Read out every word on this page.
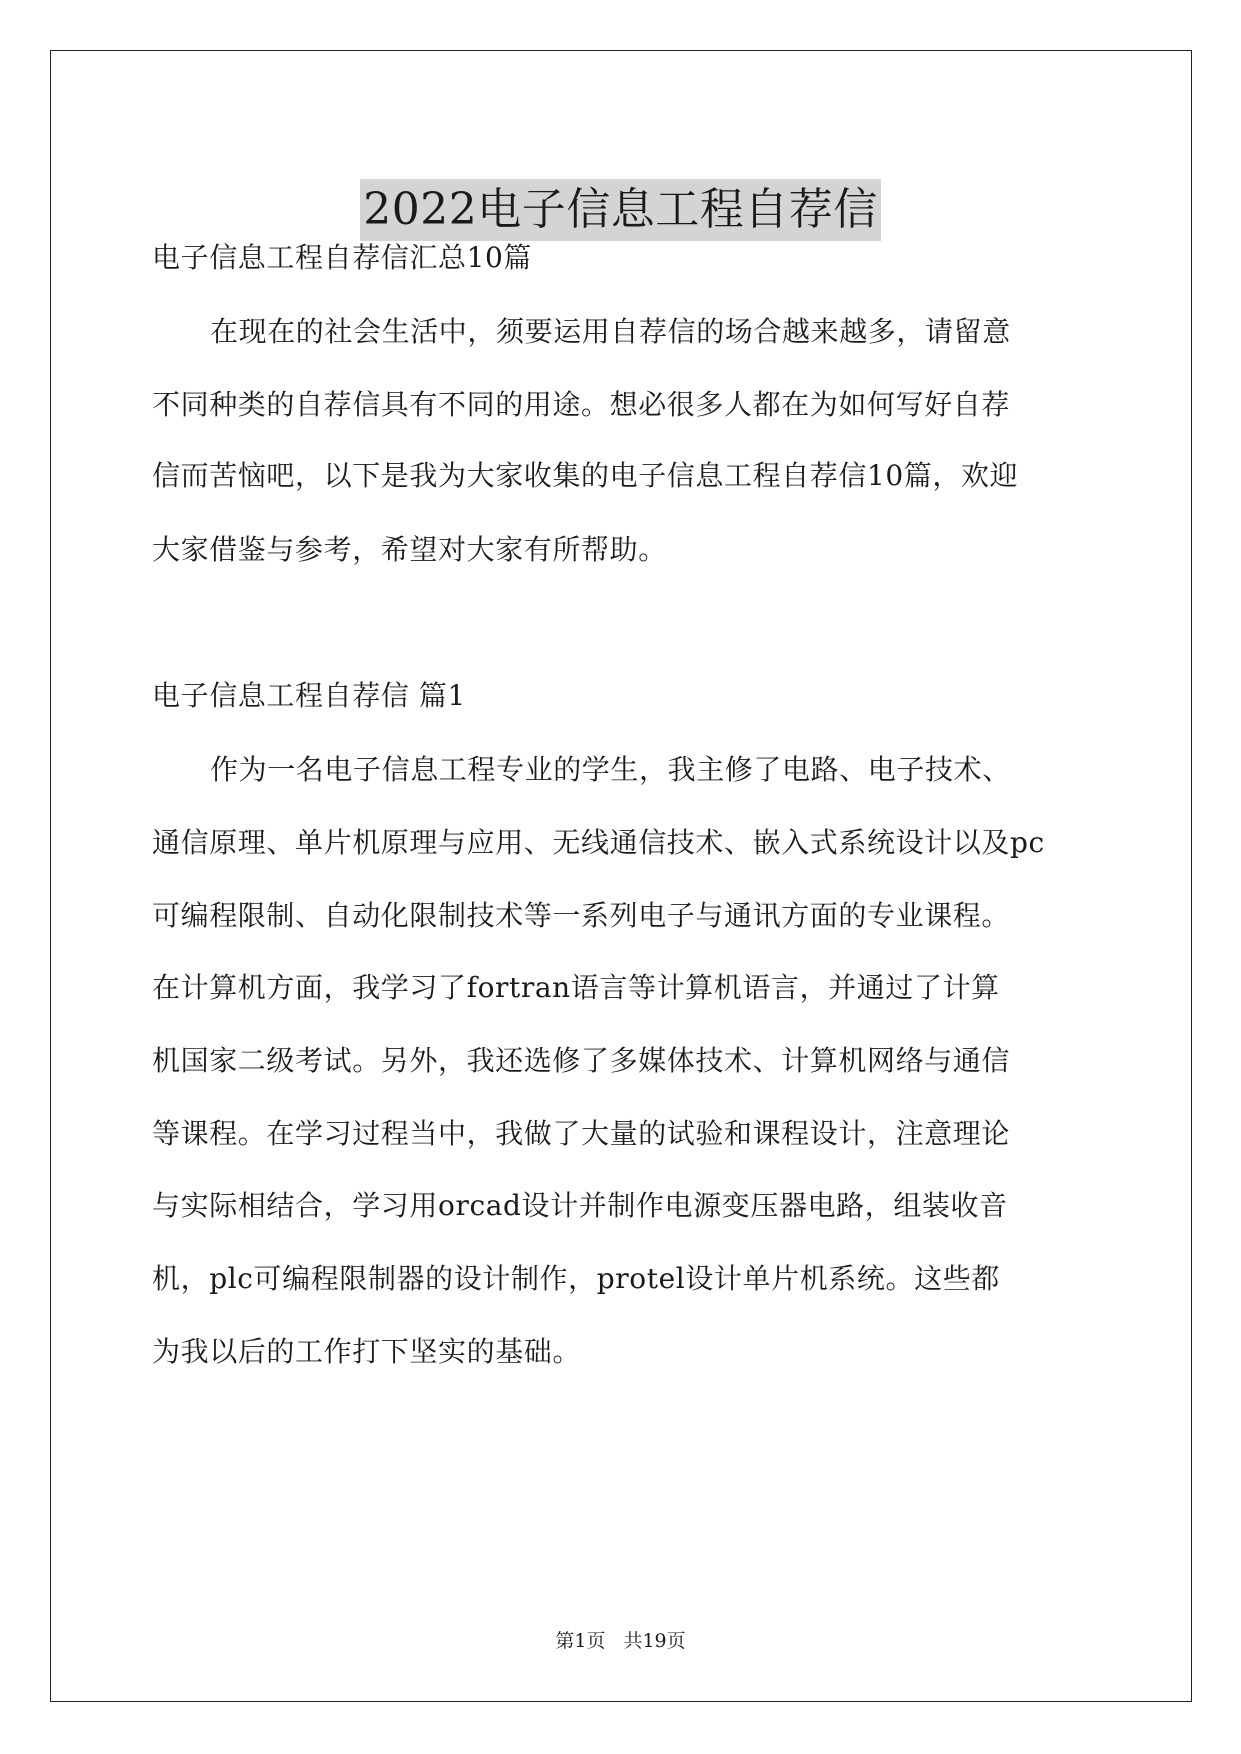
2022电子信息工程自荐信
电子信息工程自荐信汇总10篇
在现在的社会生活中，须要运用自荐信的场合越来越多，请留意
不同种类的自荐信具有不同的用途。想必很多人都在为如何写好自荐
信而苦恼吧，以下是我为大家收集的电子信息工程自荐信10篇，欢迎
大家借鉴与参考，希望对大家有所帮助。
电子信息工程自荐信 篇1
作为一名电子信息工程专业的学生，我主修了电路、电子技术、
通信原理、单片机原理与应用、无线通信技术、嵌入式系统设计以及pc
可编程限制、自动化限制技术等一系列电子与通讯方面的专业课程。
在计算机方面，我学习了fortran语言等计算机语言，并通过了计算
机国家二级考试。另外，我还选修了多媒体技术、计算机网络与通信
等课程。在学习过程当中，我做了大量的试验和课程设计，注意理论
与实际相结合，学习用orcad设计并制作电源变压器电路，组装收音
机，plc可编程限制器的设计制作，protel设计单片机系统。这些都
为我以后的工作打下坚实的基础。
第1页 共19页
